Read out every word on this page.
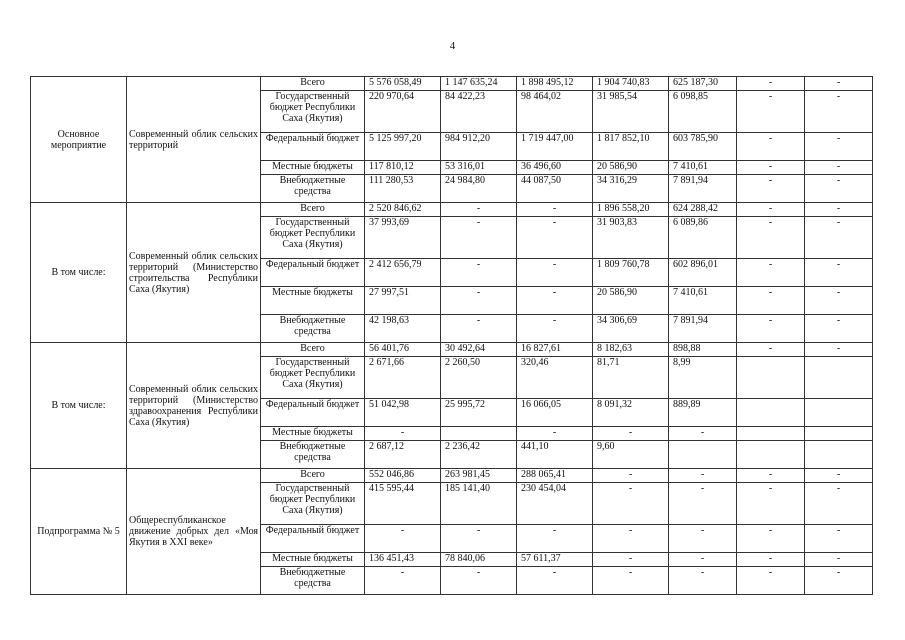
4
Основное мероприятие	Современный облик сельских территорий	Всего	5 576 058,49	1 147 635,24	1 898 495,12	1 904 740,83	625 187,30	-	-
		Государственный бюджет Республики Саха (Якутия)	220 970,64	84 422,23	98 464,02	31 985,54	6 098,85	-	-
		Федеральный бюджет	5 125 997,20	984 912,20	1 719 447,00	1 817 852,10	603 785,90	-	-
		Местные бюджеты	117 810,12	53 316,01	36 496,60	20 586,90	7 410,61	-	-
		Внебюджетные средства	111 280,53	24 984,80	44 087,50	34 316,29	7 891,94	-	-
В том числе:	Современный облик сельских территорий (Министерство строительства Республики Саха (Якутия)	Всего	2 520 846,62	-	-	1 896 558,20	624 288,42	-	-
		Государственный бюджет Республики Саха (Якутия)	37 993,69	-	-	31 903,83	6 089,86	-	-
		Федеральный бюджет	2 412 656,79	-	-	1 809 760,78	602 896,01	-	-
		Местные бюджеты	27 997,51	-	-	20 586,90	7 410,61	-	-
		Внебюджетные средства	42 198,63	-	-	34 306,69	7 891,94	-	-
В том числе:	Современный облик сельских территорий (Министерство здравоохранения Республики Саха (Якутия)	Всего	56 401,76	30 492,64	16 827,61	8 182,63	898,88	-	-
		Государственный бюджет Республики Саха (Якутия)	2 671,66	2 260,50	320,46	81,71	8,99		
		Федеральный бюджет	51 042,98	25 995,72	16 066,05	8 091,32	889,89		
		Местные бюджеты	-		-	-	-		
		Внебюджетные средства	2 687,12	2 236,42	441,10	9,60			
Подпрограмма № 5	Общереспубликанское движение добрых дел «Моя Якутия в XXI веке»	Всего	552 046,86	263 981,45	288 065,41	-	-	-	-
		Государственный бюджет Республики Саха (Якутия)	415 595,44	185 141,40	230 454,04	-	-	-	-
		Федеральный бюджет	-	-	-	-	-	-	-
		Местные бюджеты	136 451,43	78 840,06	57 611,37	-	-	-	-
		Внебюджетные средства	-	-	-	-	-	-	-
